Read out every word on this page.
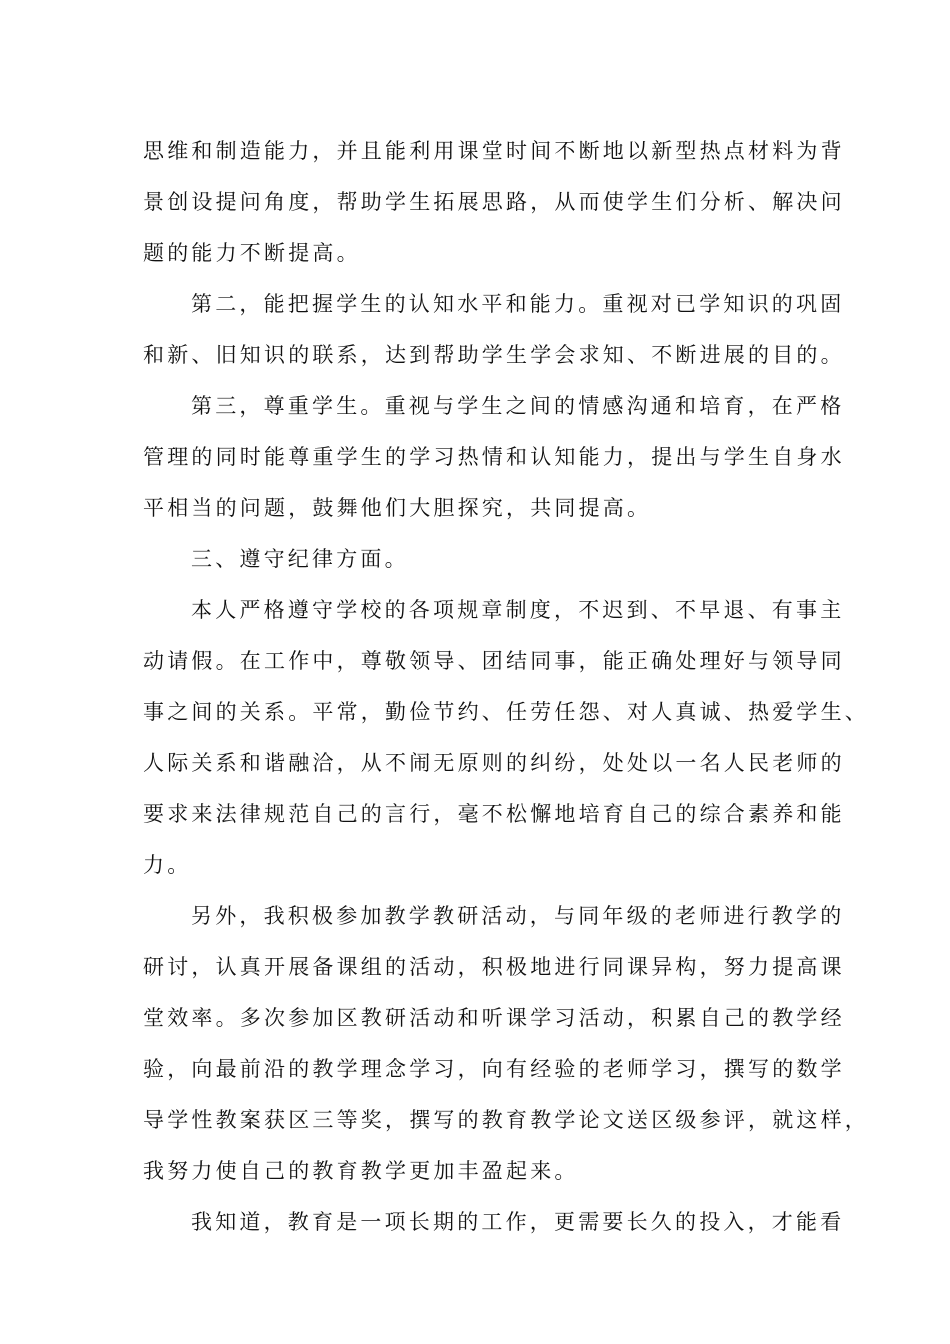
思维和制造能力，并且能利用课堂时间不断地以新型热点材料为背
景创设提问角度，帮助学生拓展思路，从而使学生们分析、解决问
题的能力不断提高。
第二，能把握学生的认知水平和能力。重视对已学知识的巩固
和新、旧知识的联系，达到帮助学生学会求知、不断进展的目的。
第三，尊重学生。重视与学生之间的情感沟通和培育，在严格
管理的同时能尊重学生的学习热情和认知能力，提出与学生自身水
平相当的问题，鼓舞他们大胆探究，共同提高。
三、遵守纪律方面。
本人严格遵守学校的各项规章制度，不迟到、不早退、有事主
动请假。在工作中，尊敬领导、团结同事，能正确处理好与领导同
事之间的关系。平常，勤俭节约、任劳任怨、对人真诚、热爱学生、
人际关系和谐融洽，从不闹无原则的纠纷，处处以一名人民老师的
要求来法律规范自己的言行，毫不松懈地培育自己的综合素养和能
力。
另外，我积极参加教学教研活动，与同年级的老师进行教学的
研讨，认真开展备课组的活动，积极地进行同课异构，努力提高课
堂效率。多次参加区教研活动和听课学习活动，积累自己的教学经
验，向最前沿的教学理念学习，向有经验的老师学习，撰写的数学
导学性教案获区三等奖，撰写的教育教学论文送区级参评，就这样，
我努力使自己的教育教学更加丰盈起来。
我知道，教育是一项长期的工作，更需要长久的投入，才能看
